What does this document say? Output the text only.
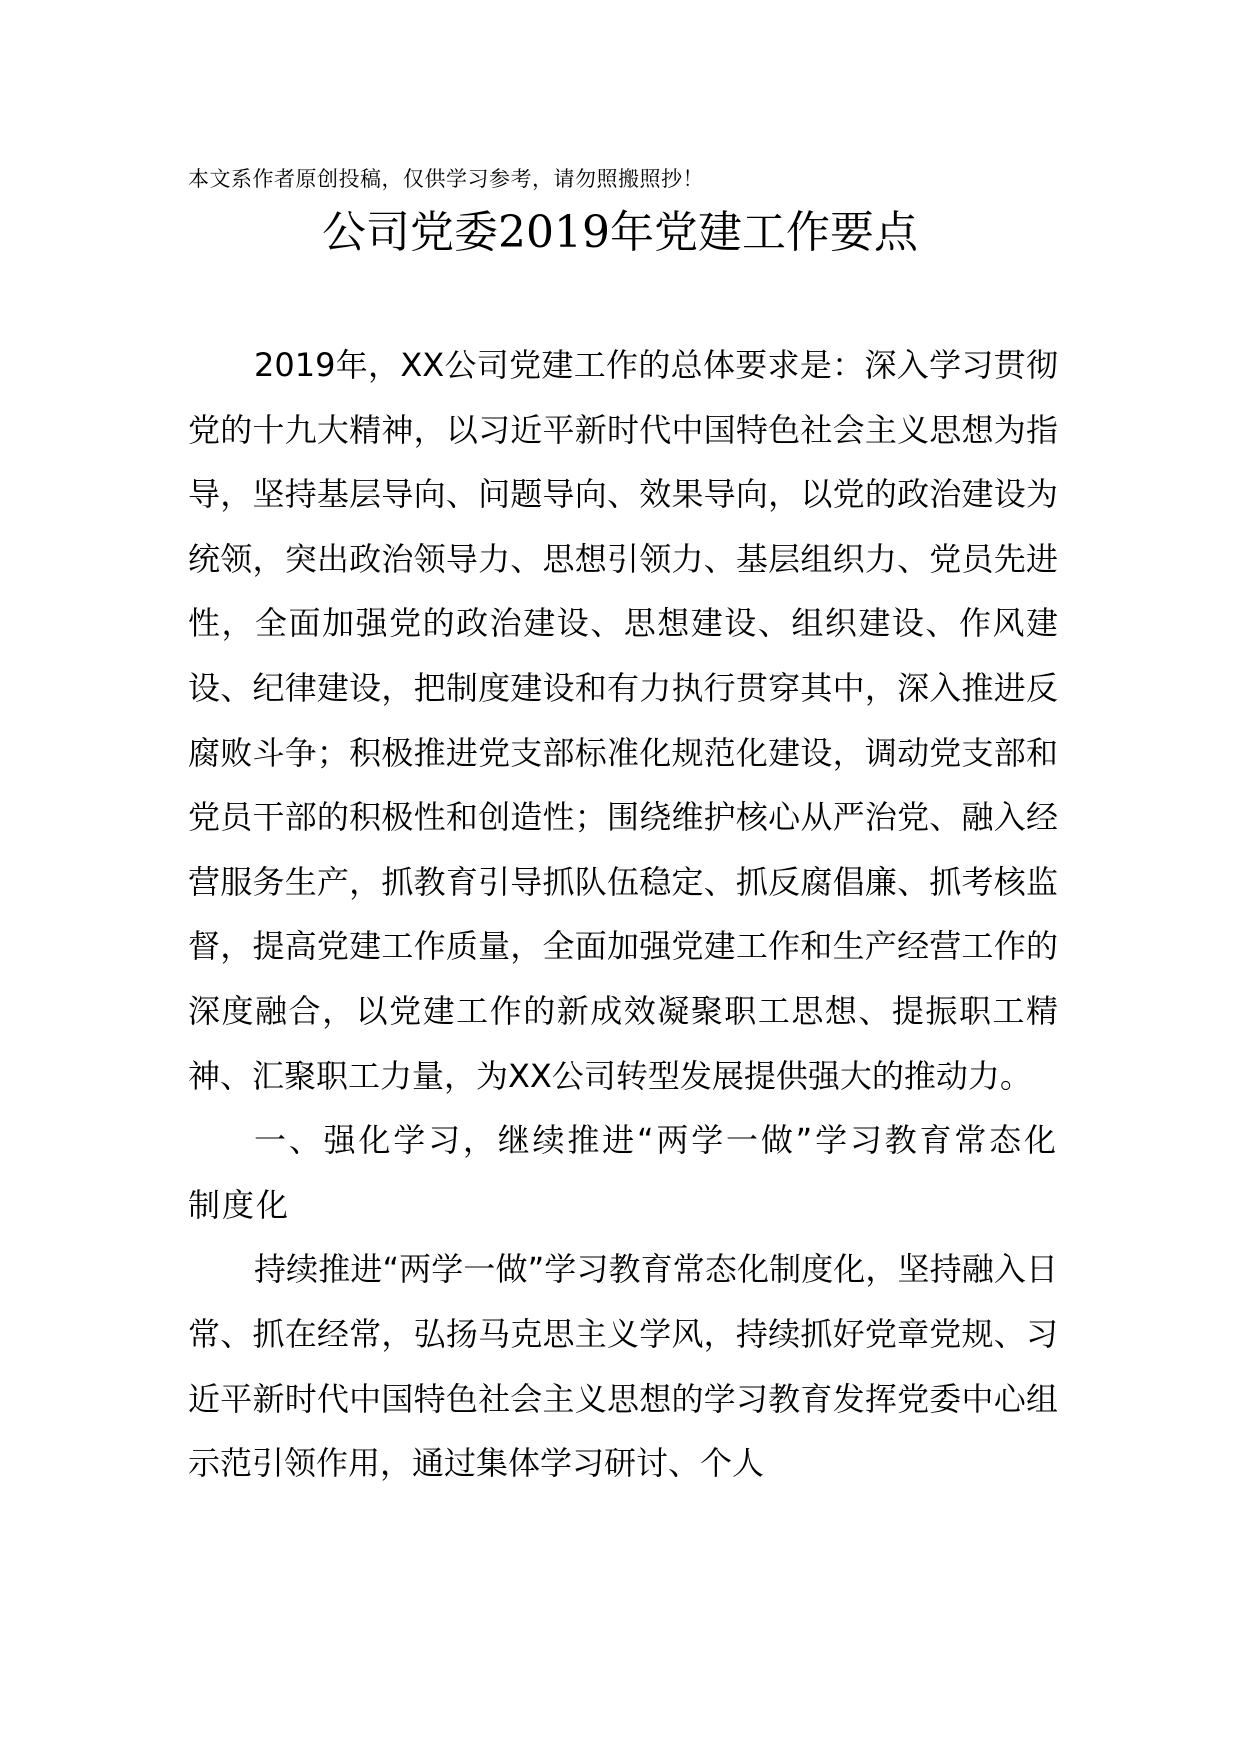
本文系作者原创投稿，仅供学习参考，请勿照搬照抄！
公司党委2019年党建工作要点

2019年，XX公司党建工作的总体要求是：深入学习贯彻党的十九大精神，以习近平新时代中国特色社会主义思想为指导，坚持基层导向、问题导向、效果导向，以党的政治建设为统领，突出政治领导力、思想引领力、基层组织力、党员先进性，全面加强党的政治建设、思想建设、组织建设、作风建设、纪律建设，把制度建设和有力执行贯穿其中，深入推进反腐败斗争；积极推进党支部标准化规范化建设，调动党支部和党员干部的积极性和创造性；围绕维护核心从严治党、融入经营服务生产，抓教育引导抓队伍稳定、抓反腐倡廉、抓考核监督，提高党建工作质量，全面加强党建工作和生产经营工作的深度融合，以党建工作的新成效凝聚职工思想、提振职工精神、汇聚职工力量，为XX公司转型发展提供强大的推动力。

一、强化学习，继续推进“两学一做”学习教育常态化制度化

持续推进“两学一做”学习教育常态化制度化，坚持融入日常、抓在经常，弘扬马克思主义学风，持续抓好党章党规、习近平新时代中国特色社会主义思想的学习教育发挥党委中心组示范引领作用，通过集体学习研讨、个人
